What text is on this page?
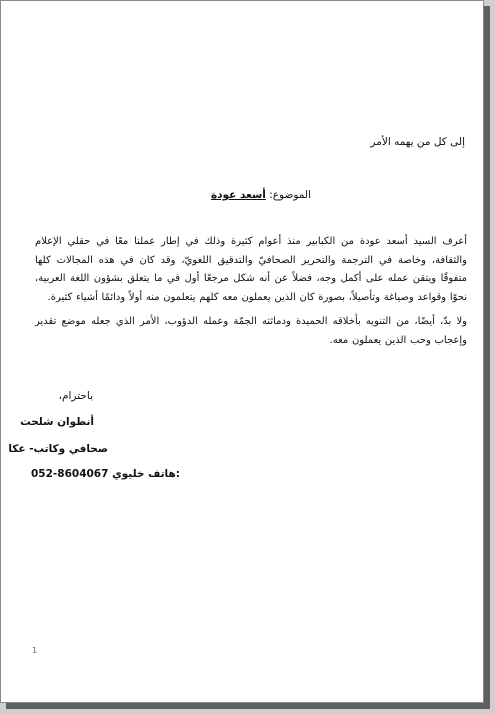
إلى كل من يهمه الأمر
الموضوع: أسعد عودة

أعرف السيد أسعد عودة من الكبابير منذ أعوام كثيرة وذلك في إطار عملنا معًا في حقلي الإعلام والثقافة، وخاصة في الترجمة والتحرير الصحافيّ والتدقيق اللغويّ، وقد كان في هذه المجالات كلها متفوقًا ويتقن عمله على أكمل وجه، فضلاً عن أنه شكل مرجعًا أول في ما يتعلق بشؤون اللغة العربية، نحوًا وقواعد وصياغة وتأصيلاً، بصورة كان الذين يعملون معه كلهم يتعلمون منه أولاً ودائمًا أشياء كثيرة.

ولا بدّ، أيضًا، من التنويه بأخلاقه الحميدة ودماثته الجمّة وعمله الدؤوب، الأمر الذي جعله موضع تقدير وإعجاب وحب الذين يعملون معه.

باحترام،
أنطوان شلحت
صحافي وكاتب- عكا
052-8604067 هاتف خليوي:
1
